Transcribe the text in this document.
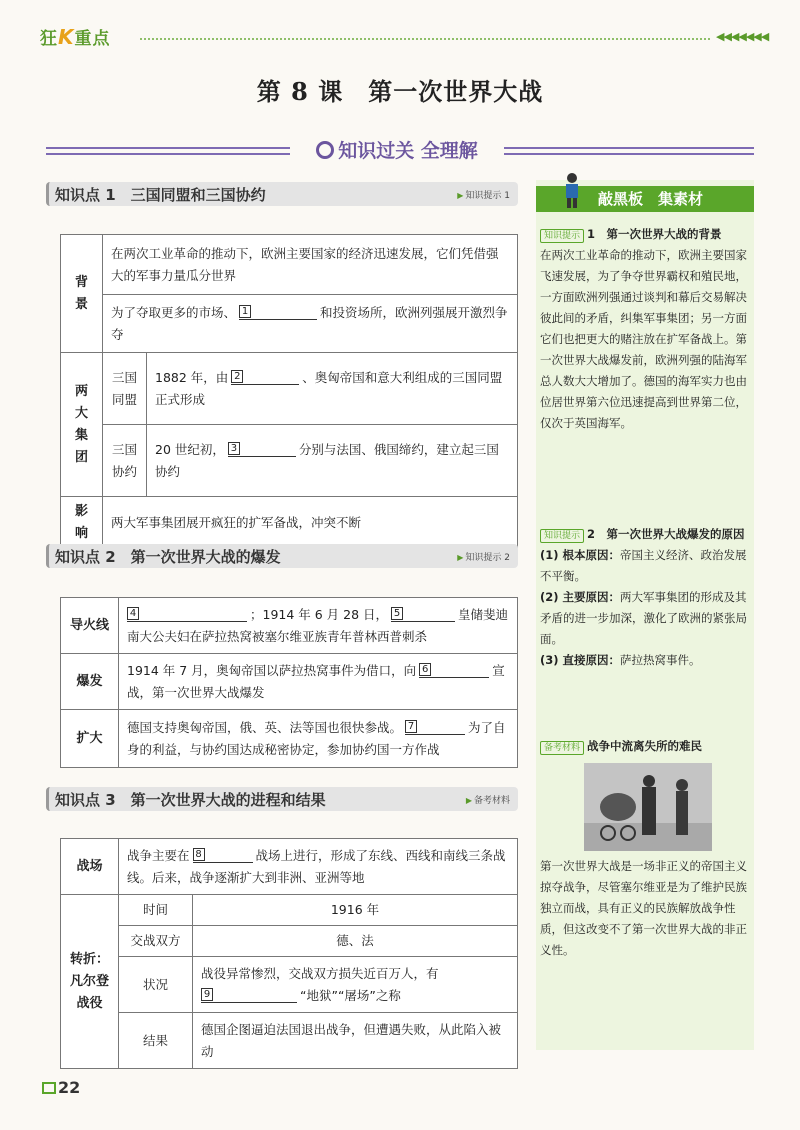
狂K重点	◀◀◀◀◀◀◀
第 8 课　第一次世界大战
知识过关 全理解
知识点 1　三国同盟和三国协约	▶ 知识提示 1
背景	在两次工业革命的推动下，欧洲主要国家的经济迅速发展，它们凭借强大的军事力量瓜分世界	
	为了夺取更多的市场、 1 和投资场所，欧洲列强展开激烈争夺	
两大
集团	三国同盟	1882 年，由 2 、奥匈帝国和意大利组成的三国同盟正式形成
	三国协约	20 世纪初， 3 分别与法国、俄国缔约，建立起三国协约
影响	两大军事集团展开疯狂的扩军备战，冲突不断	
知识点 2　第一次世界大战的爆发	▶ 知识提示 2
导火线	4 ；1914 年 6 月 28 日， 5 皇储斐迪南大公夫妇在萨拉热窝被塞尔维亚族青年普林西普刺杀
爆发	1914 年 7 月，奥匈帝国以萨拉热窝事件为借口，向 6 宣战，第一次世界大战爆发
扩大	德国支持奥匈帝国，俄、英、法等国也很快参战。 7 为了自身的利益，与协约国达成秘密协定，参加协约国一方作战
知识点 3　第一次世界大战的进程和结果	▶ 备考材料
战场	战争主要在 8 战场上进行，形成了东线、西线和南线三条战线。后来，战争逐渐扩大到非洲、亚洲等地	
转折：
凡尔登
战役	时间	1916 年
	交战双方	德、法
	状况	战役异常惨烈，交战双方损失近百万人，有

9 “地狱”“屠场”之称
	结果	德国企图逼迫法国退出战争，但遭遇失败，从此陷入被动
敲黑板　集素材
知识提示 1　第一次世界大战的背景
在两次工业革命的推动下，欧洲主要国家飞速发展，为了争夺世界霸权和殖民地，一方面欧洲列强通过谈判和幕后交易解决彼此间的矛盾，纠集军事集团；另一方面它们也把更大的赌注放在扩军备战上。第一次世界大战爆发前，欧洲列强的陆海军总人数大大增加了。德国的海军实力也由位居世界第六位迅速提高到世界第二位，仅次于英国海军。
知识提示 2　第一次世界大战爆发的原因
(1) 根本原因：帝国主义经济、政治发展不平衡。
(2) 主要原因：两大军事集团的形成及其矛盾的进一步加深，激化了欧洲的紧张局面。
(3) 直接原因：萨拉热窝事件。
备考材料 战争中流离失所的难民
第一次世界大战是一场非正义的帝国主义掠夺战争，尽管塞尔维亚是为了维护民族独立而战，具有正义的民族解放战争性质，但这改变不了第一次世界大战的非正义性。
22
